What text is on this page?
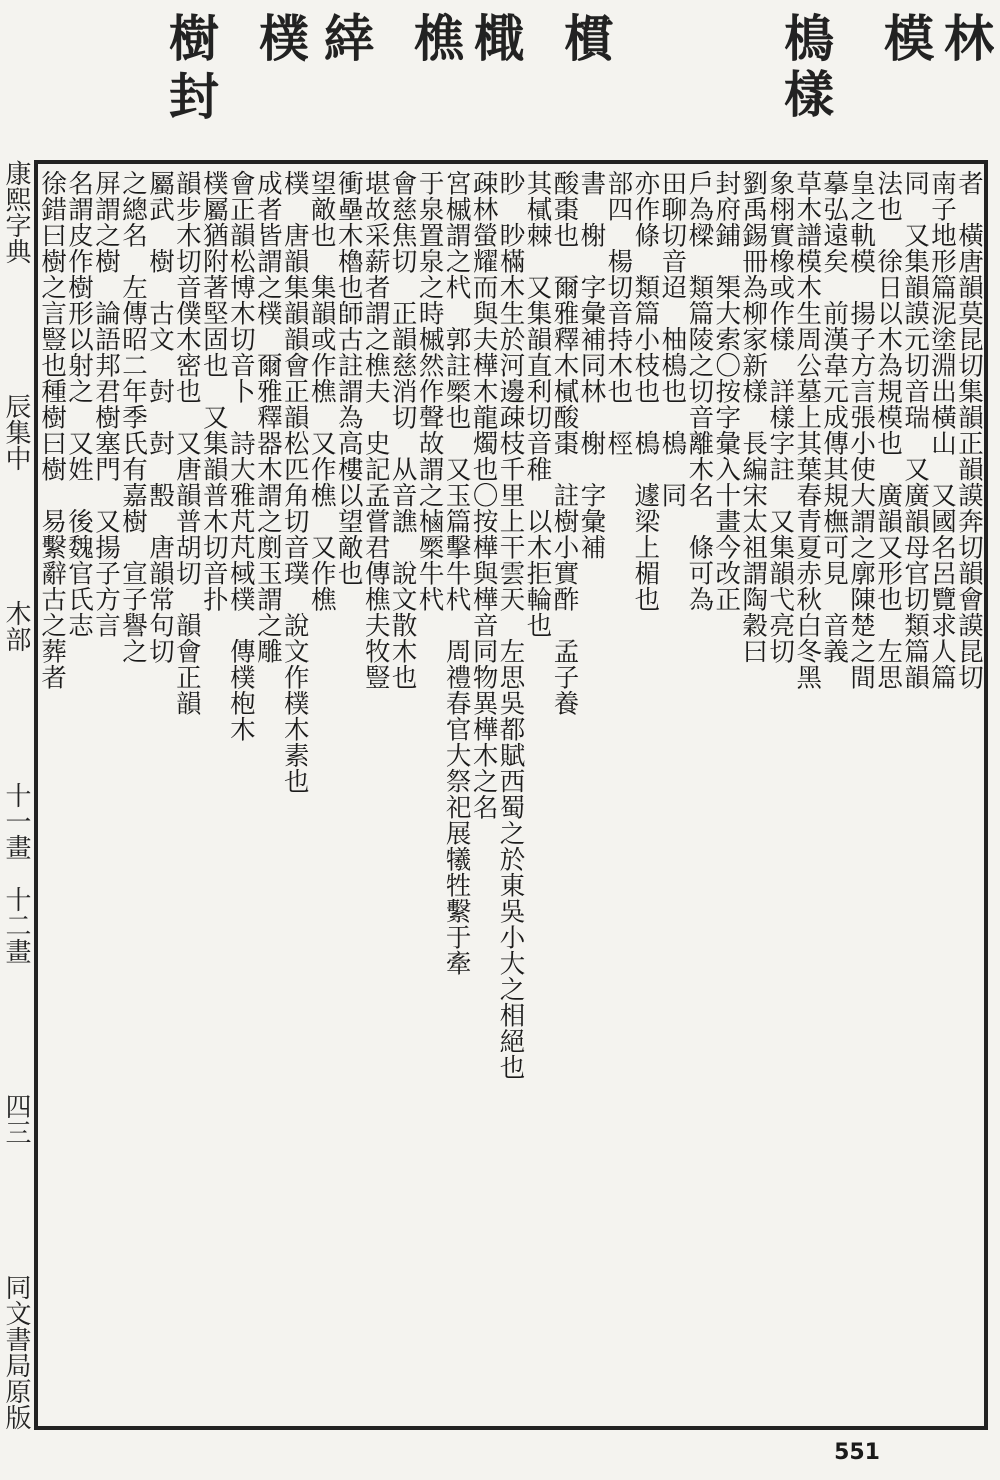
林
模
樣
樢
樌
檝
樵
緈
樸
封
樹
康熙字典
辰集中
木部
十一畫　十二畫
四三
同文書局原版
者　橫唐韻莫昆切集韻正韻謨奔切韻會謨昆切
南子地形篇泥塗淵出橫山　又國名呂覽求人篇
同　又集韻謨元切音瑞　又廣韻母官切類篇韻
法也　徐日以木為規模也　廣韻又形也　左思
皇之軌模　揚子方言張小使大謂之廓陳楚之間
摹弘遠矣　前漢韋元成傳其規橅可見　音義
草木譜模木生周公墓上其葉春青夏赤秋白冬黑
象栩實橡或作樣　詳樣字註　又集韻弋亮切
劉禹錫冊為柳家新樣　長編宋太祖謂陶穀曰
封府鋪　榘大索〇按字彙入十畫今改正
戶為樑　類篇陵之切音離木名　條可為
田聊切音迢　柚樢也　樢　同
亦作條　類篇小枝也　樢　遽梁上楣也
部四　楊切音持木也　桱
書　榭　字彙補同林　榭　字彙補
酸棗也　爾雅釋木樲酸棗　註樹小實酢　孟子養
其樲棘　又集韻直利切音稚　以木拒輪也
眇　眇樠木生於河邊疎枝千里上干雲天　左思吳都賦西蜀之於東吳小大之相絕也
疎林螢耀而與夫樺木龍燭也〇按樺與樺音同物異樺木之名
宮槭謂之杙　郭註橜也　又玉篇擊牛杙　周禮春官大祭祀展犧牲繫于牽
于泉置泉之時槭然作聲故謂之樐橜牛杙
會慈焦切　正韻慈消切　从音譙　說文散木也
堪故采薪者謂之樵夫　史記孟嘗君傳樵夫牧豎
衝壘木櫓也師古註謂為高樓以望敵也
望敵也　集韻或作樵　又作樵　又作樵
樸　唐韻集韻韻會正韻松匹角切音璞　說文作樸木素也
成者皆謂之樸　爾雅釋器木謂之剫玉謂之雕
會正韻松博木切音卜　詩大雅芃芃棫樸　傳樸枹木
樸屬猶附著堅固也　又集韻普木切音扑
韻步木切音僕木密也　又唐韻普胡切　韻會正韻
屬武　樹　古文　尌　尌　毄　唐韻常句切
之總名　左傳昭二年季氏有嘉樹　宣子譽之
屏謂之樹　論語邦君樹塞門　又揚子方言
名謂皮作樹形以射之　又姓　後魏官氏志
徐錯曰樹之言豎也種樹曰樹　易繫辭古之葬者
551
